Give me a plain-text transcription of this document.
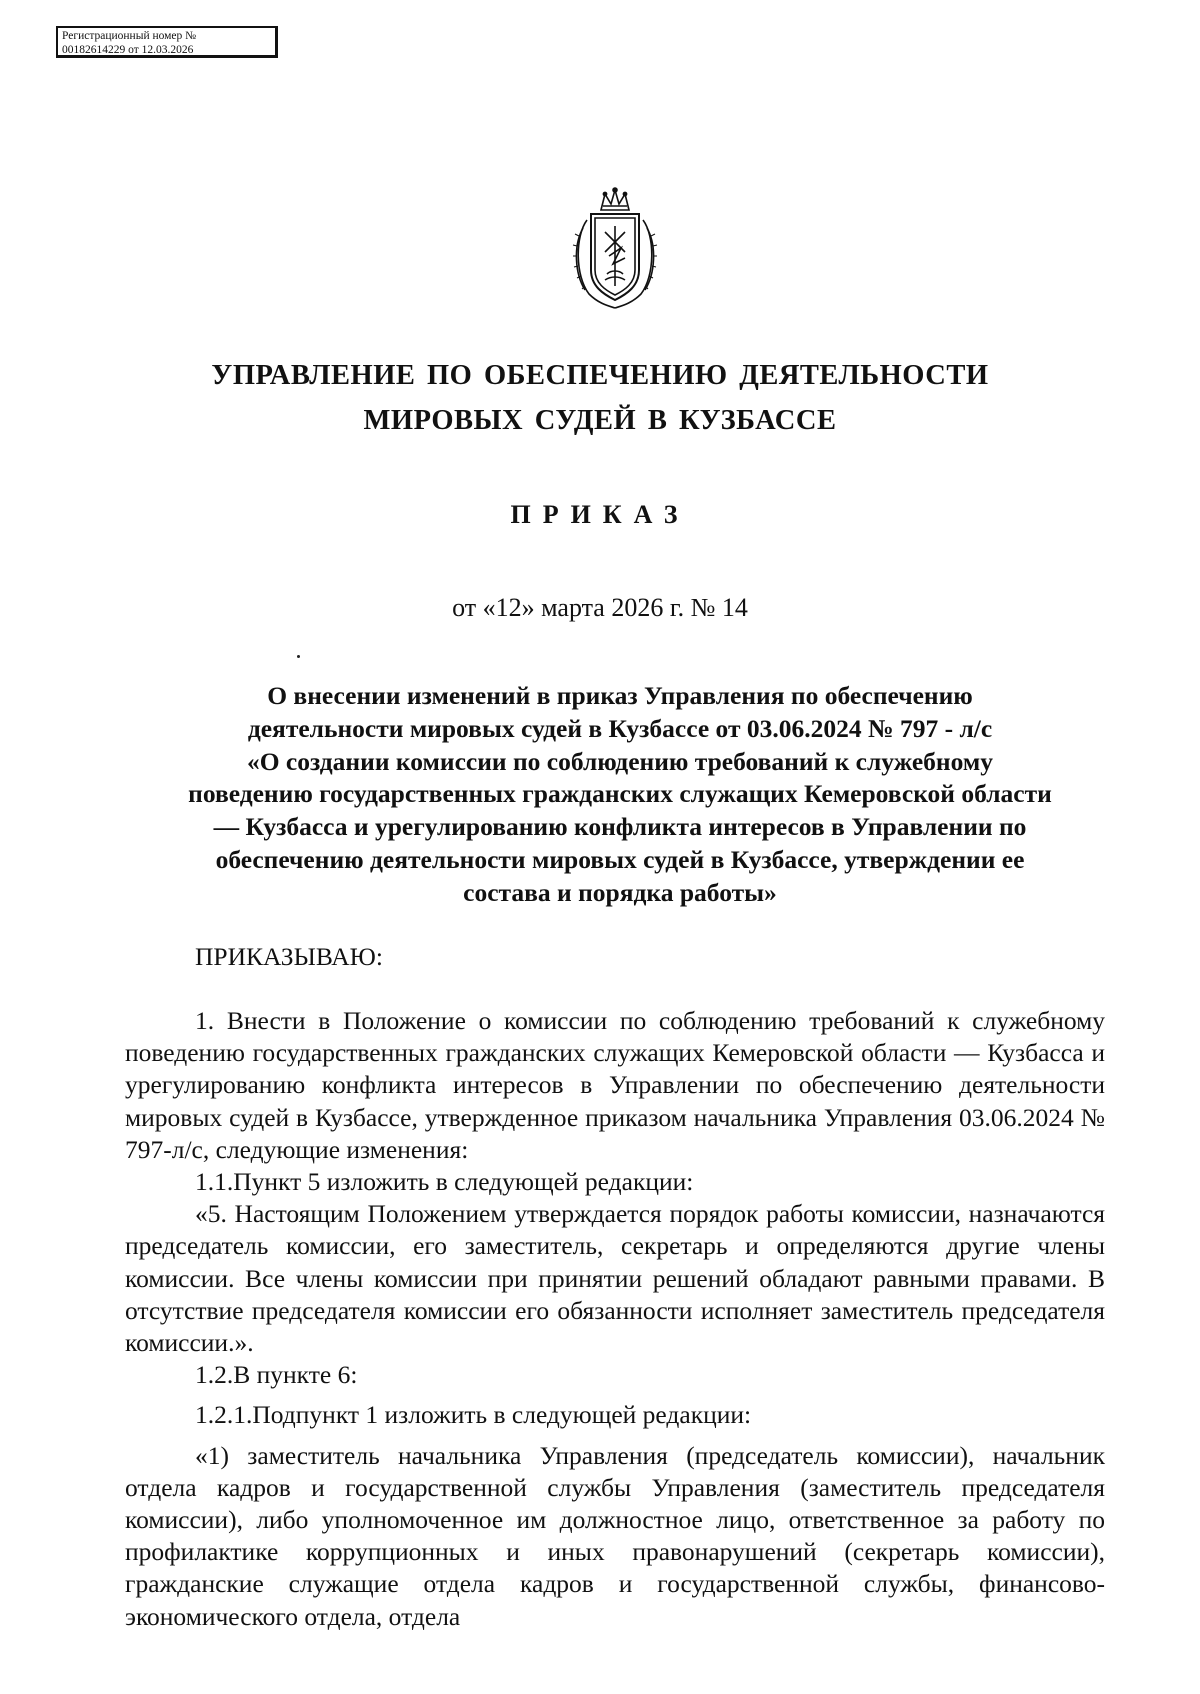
Регистрационный номер №
00182614229 от 12.03.2026
УПРАВЛЕНИЕ ПО ОБЕСПЕЧЕНИЮ ДЕЯТЕЛЬНОСТИ
МИРОВЫХ СУДЕЙ В КУЗБАССЕ
ПРИКАЗ
от «12» марта 2026 г. № 14
О внесении изменений в приказ Управления по обеспечению
деятельности мировых судей в Кузбассе от 03.06.2024 № 797 - л/с
«О создании комиссии по соблюдению требований к служебному
поведению государственных гражданских служащих Кемеровской области
— Кузбасса и урегулированию конфликта интересов в Управлении по
обеспечению деятельности мировых судей в Кузбассе, утверждении ее
состава и порядка работы»
ПРИКАЗЫВАЮ:

1. Внести в Положение о комиссии по соблюдению требований к служебному поведению государственных гражданских служащих Кемеровской области — Кузбасса и урегулированию конфликта интересов в Управлении по обеспечению деятельности мировых судей в Кузбассе, утвержденное приказом начальника Управления 03.06.2024 № 797-л/с, следующие изменения:

1.1.Пункт 5 изложить в следующей редакции:

«5. Настоящим Положением утверждается порядок работы комиссии, назначаются председатель комиссии, его заместитель, секретарь и определяются другие члены комиссии. Все члены комиссии при принятии решений обладают равными правами. В отсутствие председателя комиссии его обязанности исполняет заместитель председателя комиссии.».

1.2.В пункте 6:

1.2.1.Подпункт 1 изложить в следующей редакции:

«1) заместитель начальника Управления (председатель комиссии), начальник отдела кадров и государственной службы Управления (заместитель председателя комиссии), либо уполномоченное им должностное лицо, ответственное за работу по профилактике коррупционных и иных правонарушений (секретарь комиссии), гражданские служащие отдела кадров и государственной службы, финансово-экономического отдела, отдела
